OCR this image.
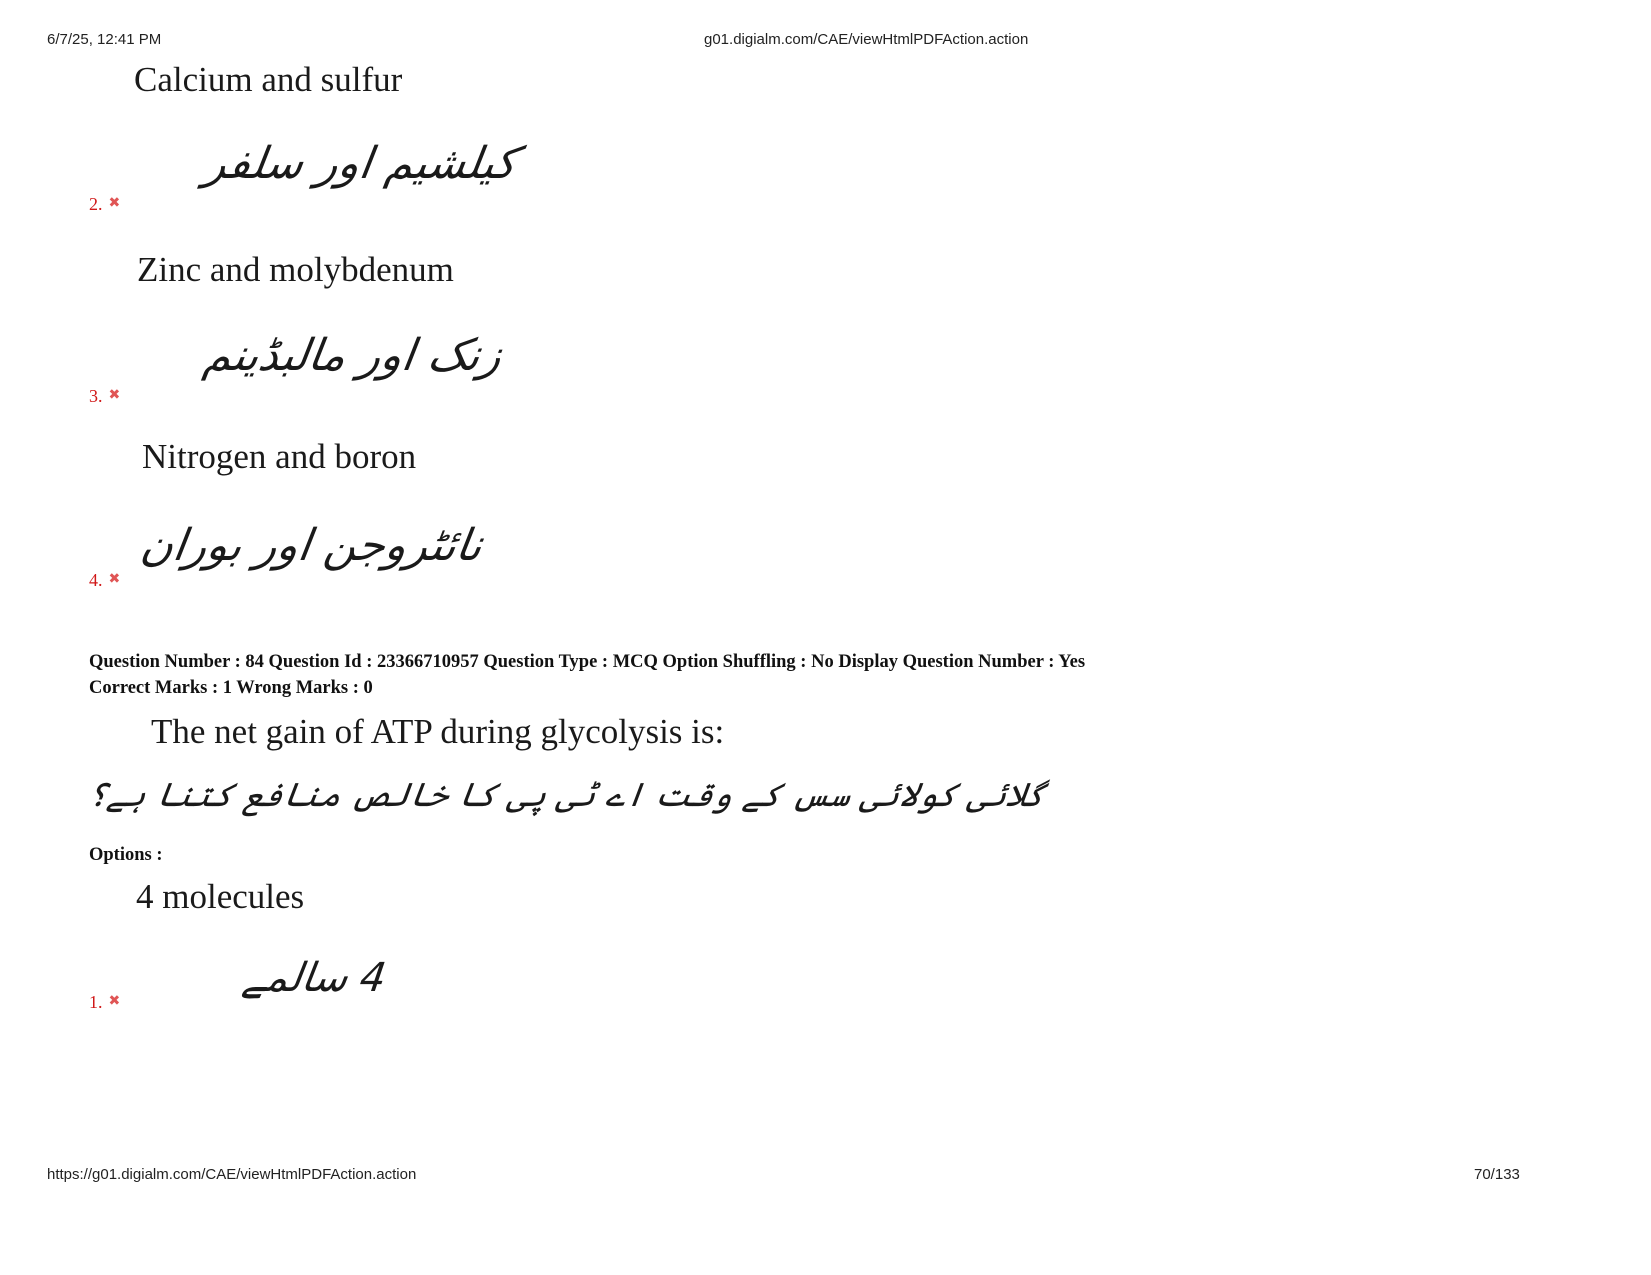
6/7/25, 12:41 PM	g01.digialm.com/CAE/viewHtmlPDFAction.action
Calcium and sulfur
کیلشیم اور سلفر
2. ✖
Zinc and molybdenum
زنک اور مالبڈینم
3. ✖
Nitrogen and boron
نائٹروجن اور بوران
4. ✖
Question Number : 84 Question Id : 23366710957 Question Type : MCQ Option Shuffling : No Display Question Number : Yes
Correct Marks : 1 Wrong Marks : 0
The net gain of ATP during glycolysis is:
گلائی کولائی سس کے وقت اے ٹی پی کا خالص منافع کتنا ہے؟
Options :
4 molecules
4 سالمے
1. ✖
https://g01.digialm.com/CAE/viewHtmlPDFAction.action	70/133
